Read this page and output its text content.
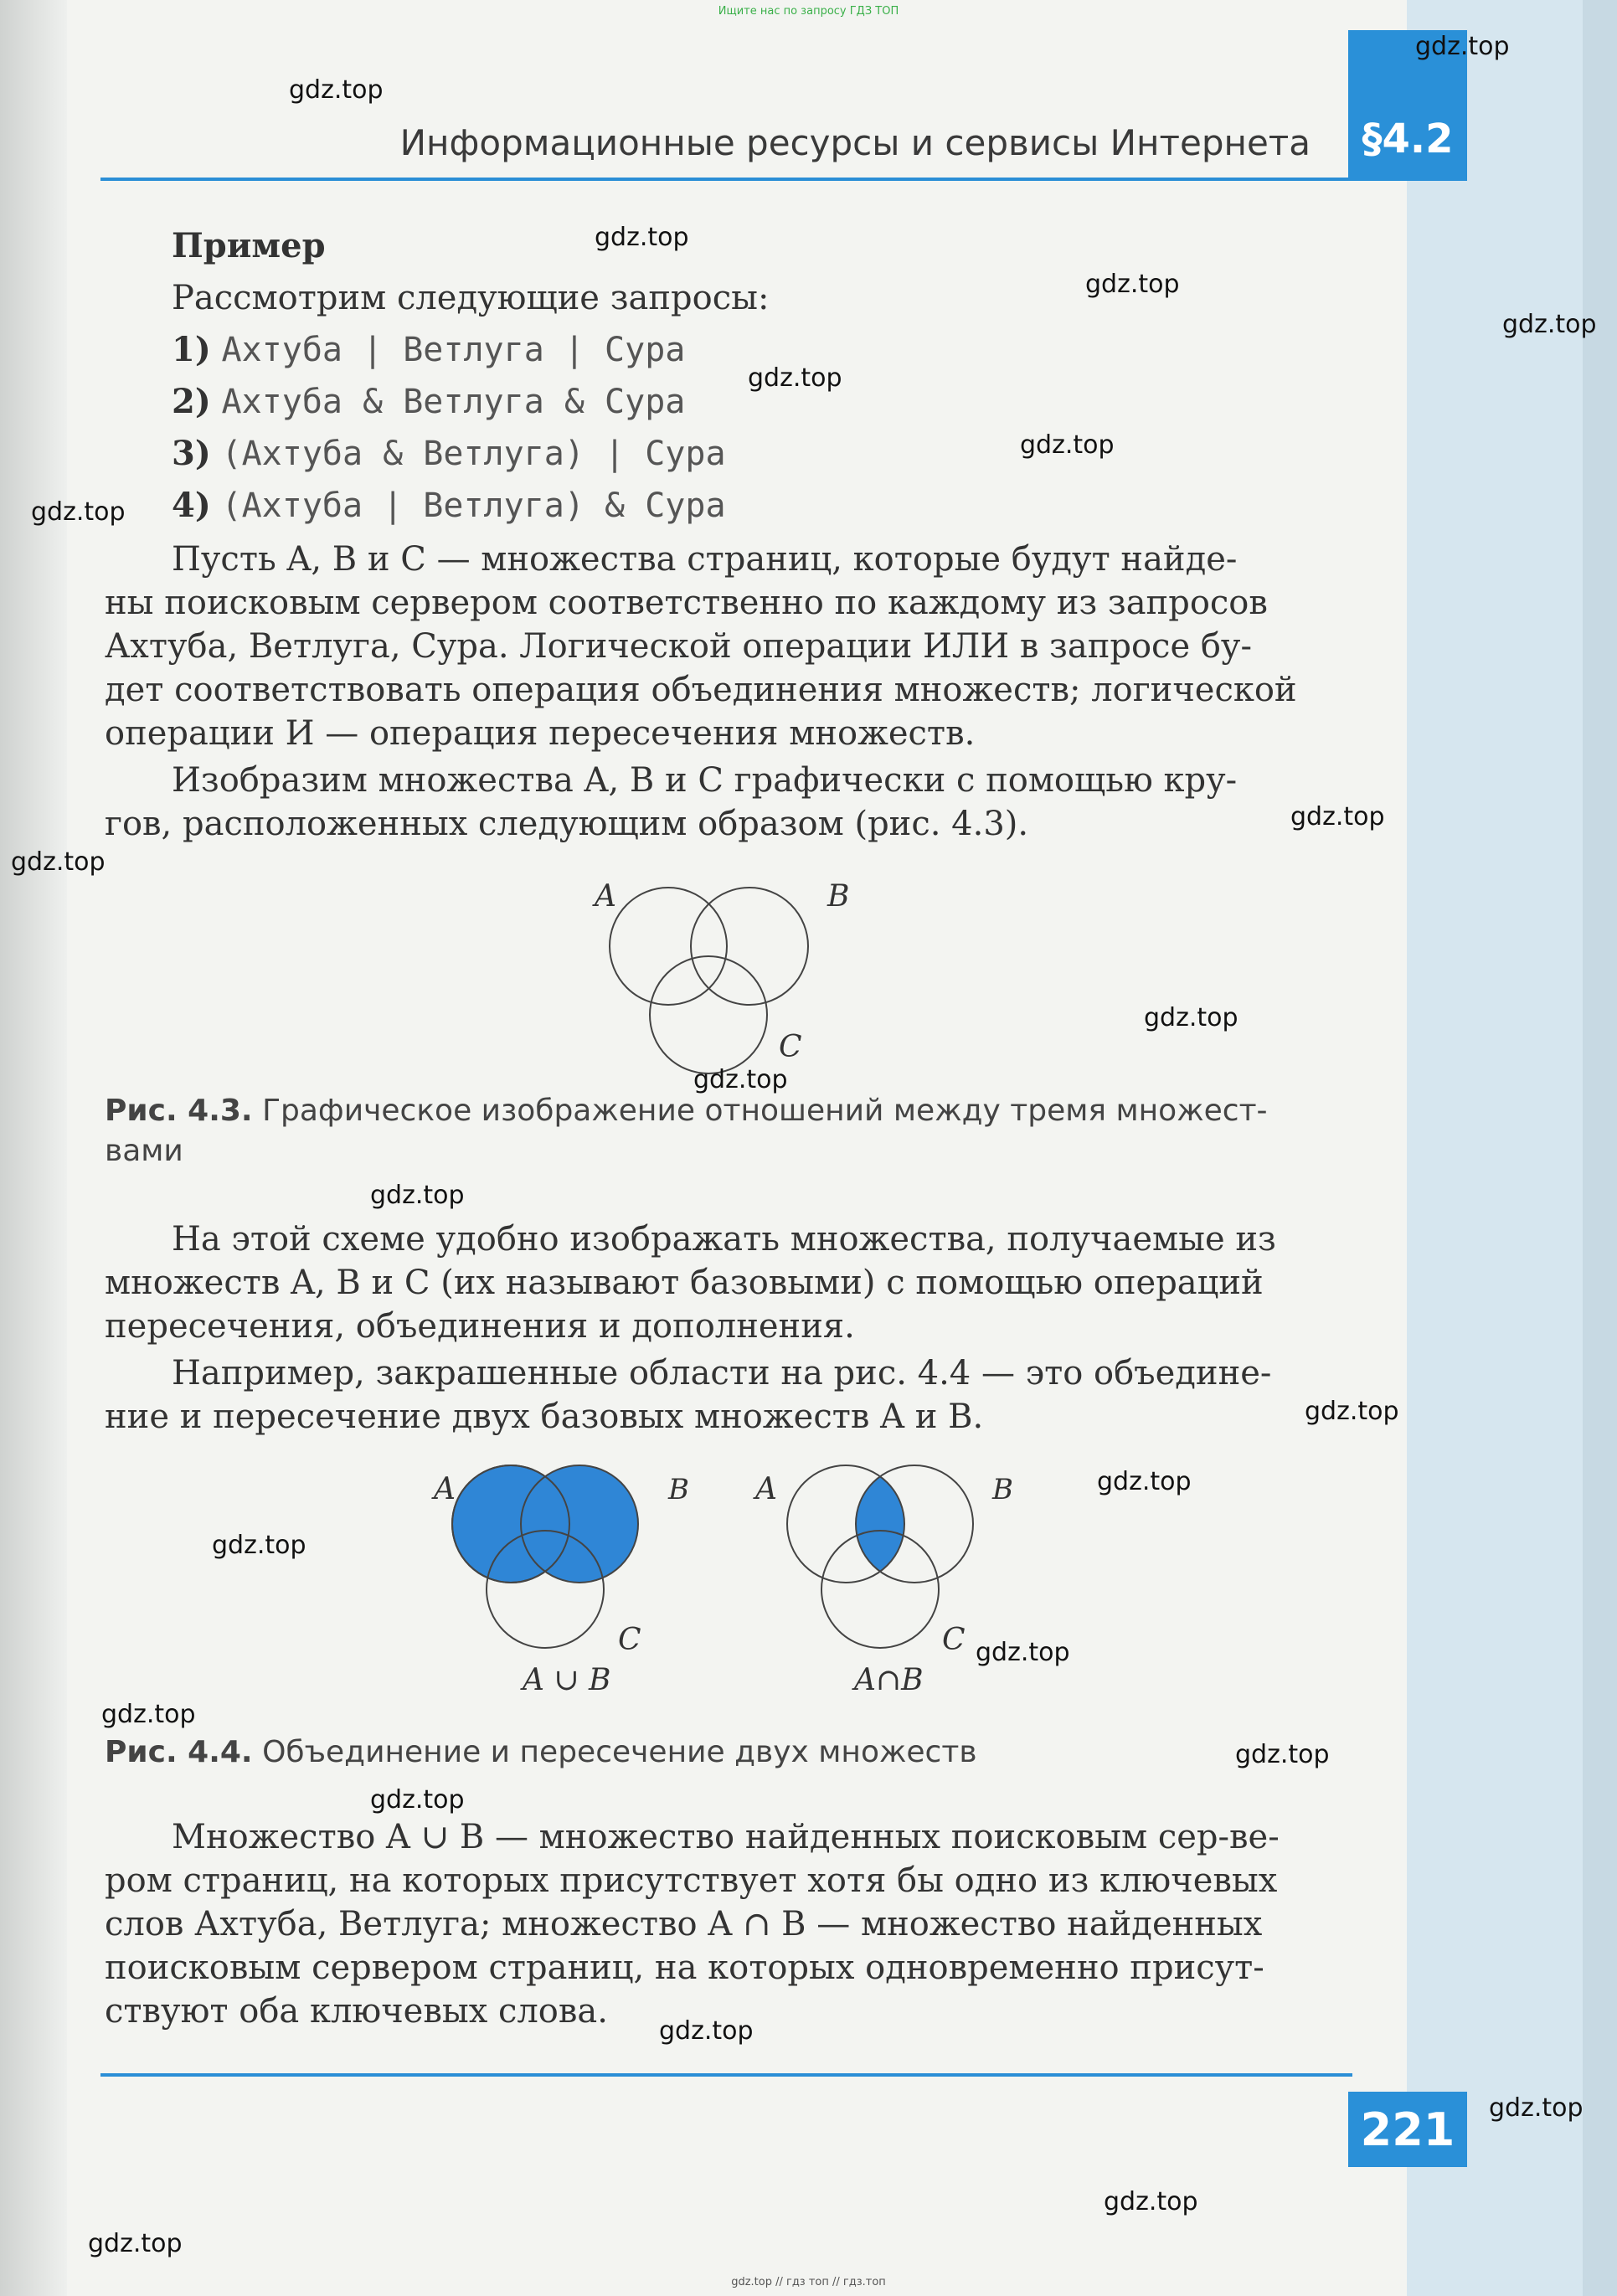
Ищите нас по запросу ГДЗ ТОП
Информационные ресурсы и сервисы Интернета §4.2
Пример
Рассмотрим следующие запросы:
1) Ахтуба | Ветлуга | Сура
2) Ахтуба & Ветлуга & Сура
3) (Ахтуба & Ветлуга) | Сура
4) (Ахтуба | Ветлуга) & Сура
Пусть A, B и C — множества страниц, которые будут найде-
ны поисковым сервером соответственно по каждому из запросов
Ахтуба, Ветлуга, Сура. Логической операции ИЛИ в запросе бу-
дет соответствовать операция объединения множеств; логической
операции И — операция пересечения множеств.
Изобразим множества A, B и C графически с помощью кру-
гов, расположенных следующим образом (рис. 4.3).
A	B
C
Рис. 4.3. Графическое изображение отношений между тремя множест-
вами
На этой схеме удобно изображать множества, получаемые из
множеств A, B и C (их называют базовыми) с помощью операций
пересечения, объединения и дополнения.
Например, закрашенные области на рис. 4.4 — это объедине-
ние и пересечение двух базовых множеств A и B.
A	B
C
A ∪ B
A	B
C
A∩B
Рис. 4.4. Объединение и пересечение двух множеств
Множество A ∪ B — множество найденных поисковым сер-ве-
ром страниц, на которых присутствует хотя бы одно из ключевых
слов Ахтуба, Ветлуга; множество A ∩ B — множество найденных
поисковым сервером страниц, на которых одновременно присут-
ствуют оба ключевых слова.
221
gdz.top
gdz.top
gdz.top
gdz.top
gdz.top
gdz.top
gdz.top
gdz.top
gdz.top
gdz.top
gdz.top
gdz.top
gdz.top
gdz.top
gdz.top
gdz.top
gdz.top
gdz.top
gdz.top
gdz.top
gdz.top
gdz.top
gdz.top
gdz.top
gdz.top // гдз топ // гдз.топ
